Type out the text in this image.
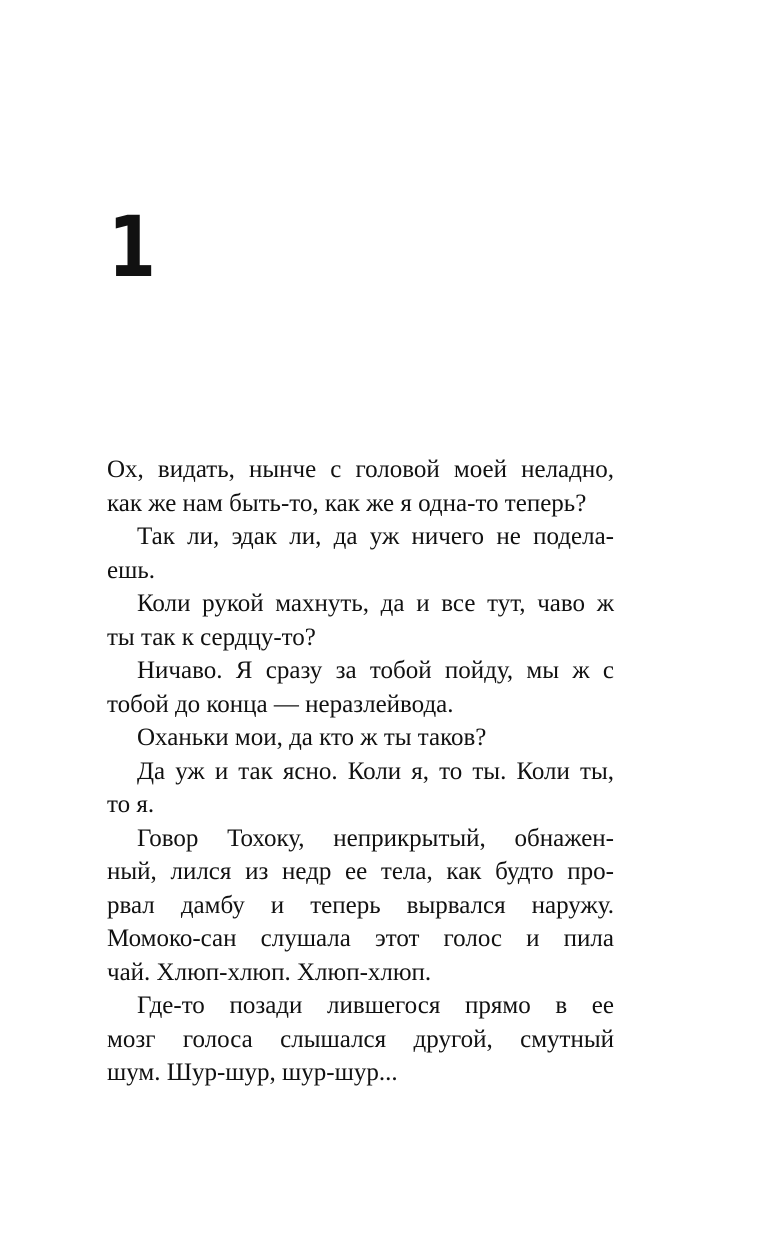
1
Ох, видать, нынче с головой моей неладно,
как же нам быть-то, как же я одна-то теперь?
Так ли, эдак ли, да уж ничего не подела-
ешь.
Коли рукой махнуть, да и все тут, чаво ж
ты так к сердцу-то?
Ничаво. Я сразу за тобой пойду, мы ж с
тобой до конца — неразлейвода.
Оханьки мои, да кто ж ты таков?
Да уж и так ясно. Коли я, то ты. Коли ты,
то я.
Говор Тохоку, неприкрытый, обнажен-
ный, лился из недр ее тела, как будто про-
рвал дамбу и теперь вырвался наружу.
Момоко-сан слушала этот голос и пила
чай. Хлюп-хлюп. Хлюп-хлюп.
Где-то позади лившегося прямо в ее
мозг голоса слышался другой, смутный
шум. Шур-шур, шур-шур...
